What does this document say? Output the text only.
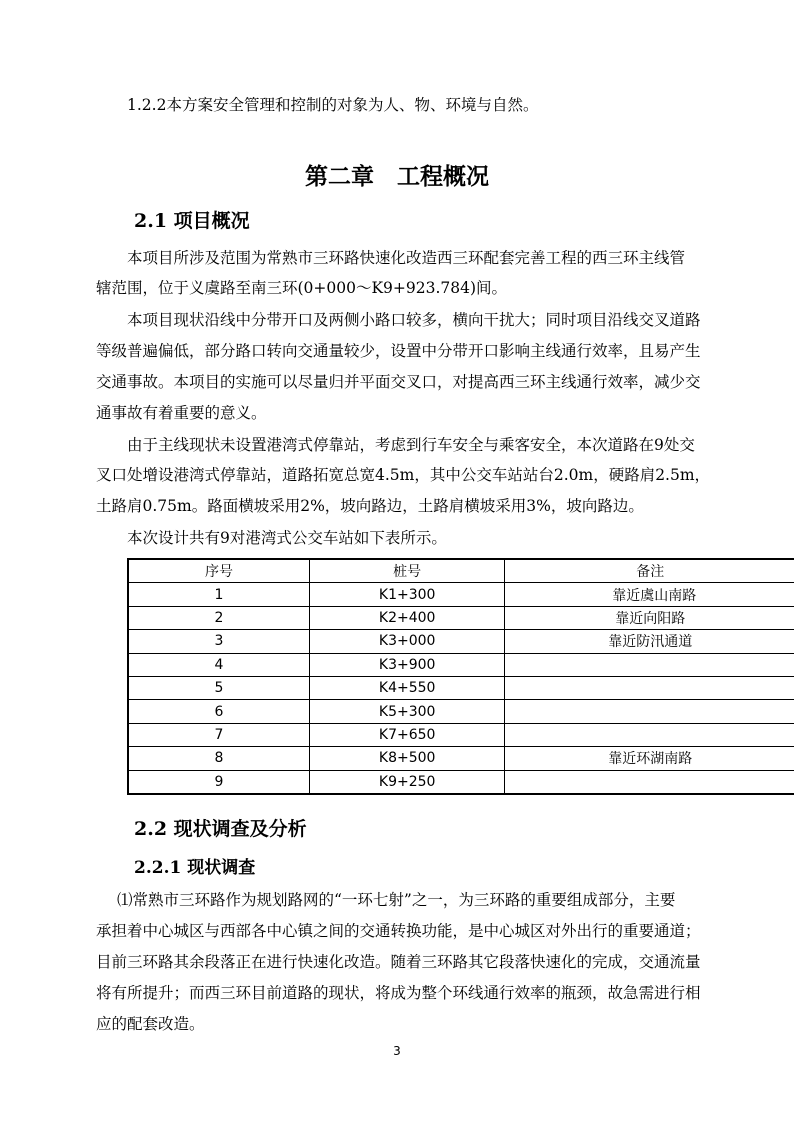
1.2.2本方案安全管理和控制的对象为人、物、环境与自然。
第二章　工程概况
2.1 项目概况
本项目所涉及范围为常熟市三环路快速化改造西三环配套完善工程的西三环主线管
辖范围，位于义虞路至南三环(0+000～K9+923.784)间。
本项目现状沿线中分带开口及两侧小路口较多，横向干扰大；同时项目沿线交叉道路
等级普遍偏低，部分路口转向交通量较少，设置中分带开口影响主线通行效率，且易产生
交通事故。本项目的实施可以尽量归并平面交叉口，对提高西三环主线通行效率，减少交
通事故有着重要的意义。
由于主线现状未设置港湾式停靠站，考虑到行车安全与乘客安全，本次道路在9处交
叉口处增设港湾式停靠站，道路拓宽总宽4.5m，其中公交车站站台2.0m，硬路肩2.5m，
土路肩0.75m。路面横坡采用2%，坡向路边，土路肩横坡采用3%，坡向路边。
本次设计共有9对港湾式公交车站如下表所示。
序号	桩号	备注
1	K1+300	靠近虞山南路
2	K2+400	靠近向阳路
3	K3+000	靠近防汛通道
4	K3+900	
5	K4+550	
6	K5+300	
7	K7+650	
8	K8+500	靠近环湖南路
9	K9+250	
2.2 现状调查及分析
2.2.1 现状调查
⑴常熟市三环路作为规划路网的“一环七射”之一，为三环路的重要组成部分，主要
承担着中心城区与西部各中心镇之间的交通转换功能，是中心城区对外出行的重要通道；
目前三环路其余段落正在进行快速化改造。随着三环路其它段落快速化的完成，交通流量
将有所提升；而西三环目前道路的现状，将成为整个环线通行效率的瓶颈，故急需进行相
应的配套改造。
3
